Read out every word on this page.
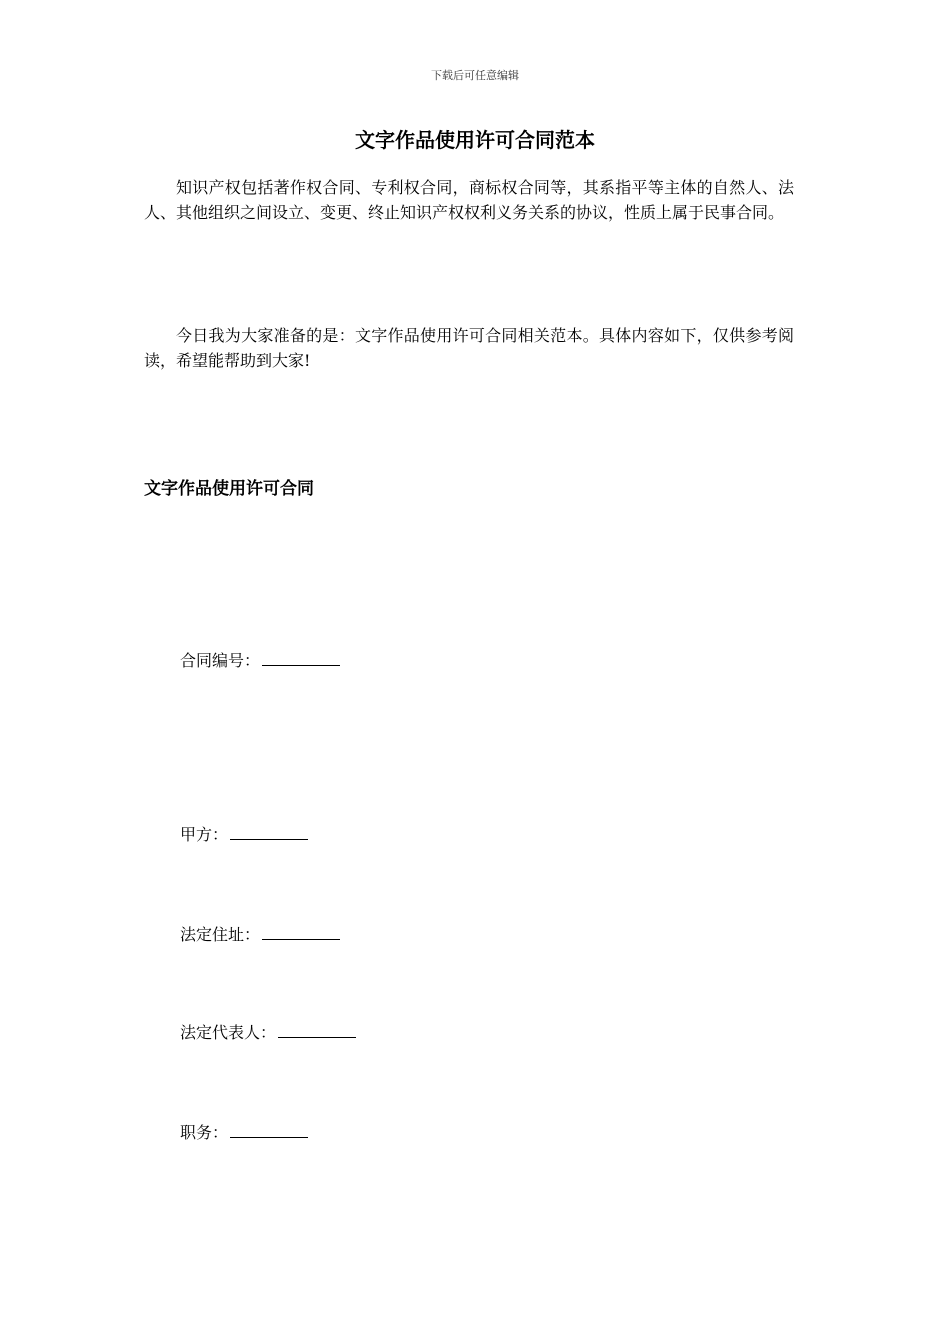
下载后可任意编辑
文字作品使用许可合同范本

知识产权包括著作权合同、专利权合同，商标权合同等，其系指平等主体的自然人、法人、其他组织之间设立、变更、终止知识产权权利义务关系的协议，性质上属于民事合同。

今日我为大家准备的是：文字作品使用许可合同相关范本。具体内容如下，仅供参考阅读，希望能帮助到大家!

文字作品使用许可合同
合同编号：
甲方：
法定住址：
法定代表人：
职务：
